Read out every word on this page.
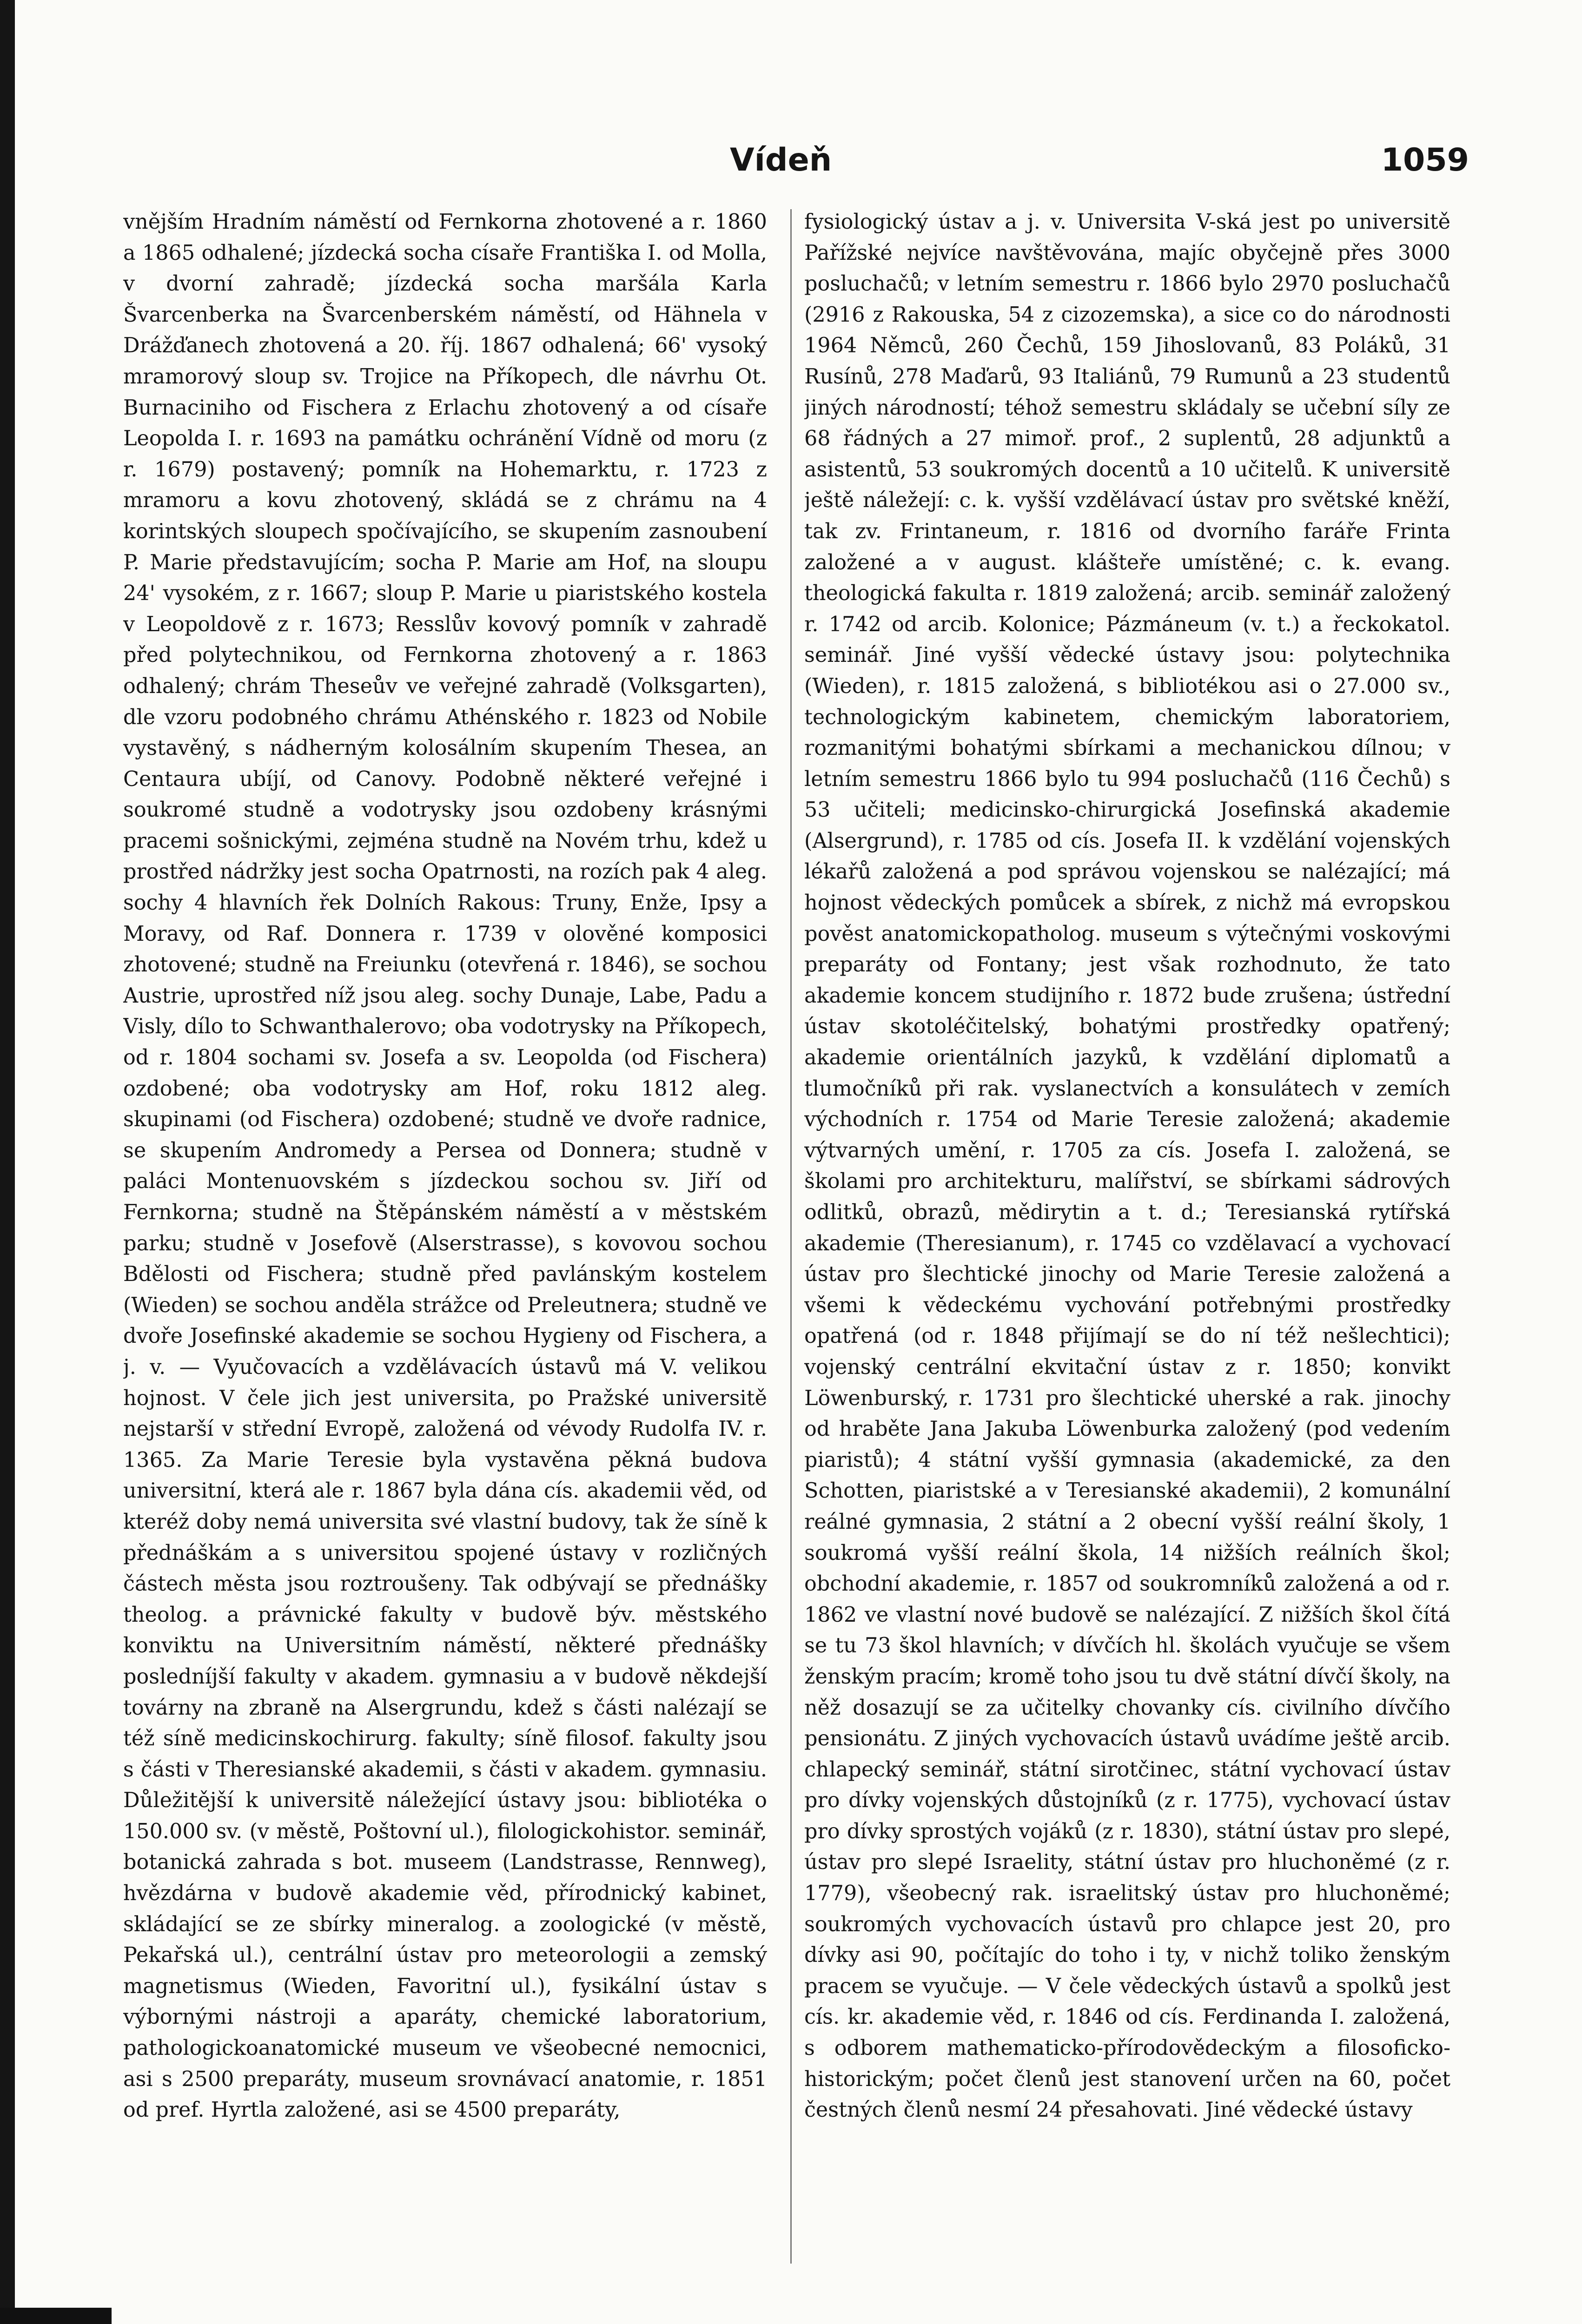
Vídeň	1059
vnějším Hradním náměstí od Fernkorna zhotovené a r. 1860 a 1865 odhalené; jízdecká socha císaře Františka I. od Molla, v dvorní zahradě; jízdecká socha maršála Karla Švarcenberka na Švarcenberském náměstí, od Hähnela v Drážďanech zhotovená a 20. říj. 1867 odhalená; 66' vysoký mramorový sloup sv. Trojice na Příkopech, dle návrhu Ot. Burnaciniho od Fischera z Erlachu zhotovený a od císaře Leopolda I. r. 1693 na památku ochránění Vídně od moru (z r. 1679) postavený; pomník na Hohemarktu, r. 1723 z mramoru a kovu zhotovený, skládá se z chrámu na 4 korintských sloupech spočívajícího, se skupením zasnoubení P. Marie představujícím; socha P. Marie am Hof, na sloupu 24' vysokém, z r. 1667; sloup P. Marie u piaristského kostela v Leopoldově z r. 1673; Resslův kovový pomník v zahradě před polytechnikou, od Fernkorna zhotovený a r. 1863 odhalený; chrám Theseův ve veřejné zahradě (Volksgarten), dle vzoru podobného chrámu Athénského r. 1823 od Nobile vystavěný, s nádherným kolosálním skupením Thesea, an Centaura ubíjí, od Canovy. Podobně některé veřejné i soukromé studně a vodotrysky jsou ozdobeny krásnými pracemi sošnickými, zejména studně na Novém trhu, kdež u prostřed nádržky jest socha Opatrnosti, na rozích pak 4 aleg. sochy 4 hlavních řek Dolních Rakous: Truny, Enže, Ipsy a Moravy, od Raf. Donnera r. 1739 v olověné komposici zhotovené; studně na Freiunku (otevřená r. 1846), se sochou Austrie, uprostřed níž jsou aleg. sochy Dunaje, Labe, Padu a Visly, dílo to Schwanthalerovo; oba vodotrysky na Příkopech, od r. 1804 sochami sv. Josefa a sv. Leopolda (od Fischera) ozdobené; oba vodotrysky am Hof, roku 1812 aleg. skupinami (od Fischera) ozdobené; studně ve dvoře radnice, se skupením Andromedy a Persea od Donnera; studně v paláci Montenuovském s jízdeckou sochou sv. Jiří od Fernkorna; studně na Štěpánském náměstí a v městském parku; studně v Josefově (Alserstrasse), s kovovou sochou Bdělosti od Fischera; studně před pavlánským kostelem (Wieden) se sochou anděla strážce od Preleutnera; studně ve dvoře Josefinské akademie se sochou Hygieny od Fischera, a j. v. — Vyučovacích a vzdělávacích ústavů má V. velikou hojnost. V čele jich jest universita, po Pražské universitě nejstarší v střední Evropě, založená od vévody Rudolfa IV. r. 1365. Za Marie Teresie byla vystavěna pěkná budova universitní, která ale r. 1867 byla dána cís. akademii věd, od kteréž doby nemá universita své vlastní budovy, tak že síně k přednáškám a s universitou spojené ústavy v rozličných částech města jsou roztroušeny. Tak odbývají se přednášky theolog. a právnické fakulty v budově býv. městského konviktu na Universitním náměstí, některé přednášky posledníjší fakulty v akadem. gymnasiu a v budově někdejší továrny na zbraně na Alsergrundu, kdež s části nalézají se též síně medicinskochirurg. fakulty; síně filosof. fakulty jsou s části v Theresianské akademii, s části v akadem. gymnasiu. Důležitější k universitě náležející ústavy jsou: bibliotéka o 150.000 sv. (v městě, Poštovní ul.), filologickohistor. seminář, botanická zahrada s bot. museem (Landstrasse, Rennweg), hvězdárna v budově akademie věd, přírodnický kabinet, skládající se ze sbírky mineralog. a zoologické (v městě, Pekařská ul.), centrální ústav pro meteorologii a zemský magnetismus (Wieden, Favoritní ul.), fysikální ústav s výbornými nástroji a aparáty, chemické laboratorium, pathologickoanatomické museum ve všeobecné nemocnici, asi s 2500 preparáty, museum srovnávací anatomie, r. 1851 od pref. Hyrtla založené, asi se 4500 preparáty,
fysiologický ústav a j. v. Universita V-ská jest po universitě Pařížské nejvíce navštěvována, majíc obyčejně přes 3000 posluchačů; v letním semestru r. 1866 bylo 2970 posluchačů (2916 z Rakouska, 54 z cizozemska), a sice co do národnosti 1964 Němců, 260 Čechů, 159 Jihoslovanů, 83 Poláků, 31 Rusínů, 278 Maďarů, 93 Italiánů, 79 Rumunů a 23 studentů jiných národností; téhož semestru skládaly se učební síly ze 68 řádných a 27 mimoř. prof., 2 suplentů, 28 adjunktů a asistentů, 53 soukromých docentů a 10 učitelů. K universitě ještě náležejí: c. k. vyšší vzdělávací ústav pro světské kněží, tak zv. Frintaneum, r. 1816 od dvorního faráře Frinta založené a v august. klášteře umístěné; c. k. evang. theologická fakulta r. 1819 založená; arcib. seminář založený r. 1742 od arcib. Kolonice; Pázmáneum (v. t.) a řeckokatol. seminář. Jiné vyšší vědecké ústavy jsou: polytechnika (Wieden), r. 1815 založená, s bibliotékou asi o 27.000 sv., technologickým kabinetem, chemickým laboratoriem, rozmanitými bohatými sbírkami a mechanickou dílnou; v letním semestru 1866 bylo tu 994 posluchačů (116 Čechů) s 53 učiteli; medicinsko-chirurgická Josefinská akademie (Alsergrund), r. 1785 od cís. Josefa II. k vzdělání vojenských lékařů založená a pod správou vojenskou se nalézající; má hojnost vědeckých pomůcek a sbírek, z nichž má evropskou pověst anatomickopatholog. museum s výtečnými voskovými preparáty od Fontany; jest však rozhodnuto, že tato akademie koncem studijního r. 1872 bude zrušena; ústřední ústav skotoléčitelský, bohatými prostředky opatřený; akademie orientálních jazyků, k vzdělání diplomatů a tlumočníků při rak. vyslanectvích a konsulátech v zemích východních r. 1754 od Marie Teresie založená; akademie výtvarných umění, r. 1705 za cís. Josefa I. založená, se školami pro architekturu, malířství, se sbírkami sádrových odlitků, obrazů, mědirytin a t. d.; Teresianská rytířská akademie (Theresianum), r. 1745 co vzdělavací a vychovací ústav pro šlechtické jinochy od Marie Teresie založená a všemi k vědeckému vychování potřebnými prostředky opatřená (od r. 1848 přijímají se do ní též nešlechtici); vojenský centrální ekvitační ústav z r. 1850; konvikt Löwenburský, r. 1731 pro šlechtické uherské a rak. jinochy od hraběte Jana Jakuba Löwenburka založený (pod vedením piaristů); 4 státní vyšší gymnasia (akademické, za den Schotten, piaristské a v Teresianské akademii), 2 komunální reálné gymnasia, 2 státní a 2 obecní vyšší reální školy, 1 soukromá vyšší reální škola, 14 nižších reálních škol; obchodní akademie, r. 1857 od soukromníků založená a od r. 1862 ve vlastní nové budově se nalézající. Z nižších škol čítá se tu 73 škol hlavních; v dívčích hl. školách vyučuje se všem ženským pracím; kromě toho jsou tu dvě státní dívčí školy, na něž dosazují se za učitelky chovanky cís. civilního dívčího pensionátu. Z jiných vychovacích ústavů uvádíme ještě arcib. chlapecký seminář, státní sirotčinec, státní vychovací ústav pro dívky vojenských důstojníků (z r. 1775), vychovací ústav pro dívky sprostých vojáků (z r. 1830), státní ústav pro slepé, ústav pro slepé Israelity, státní ústav pro hluchoněmé (z r. 1779), všeobecný rak. israelitský ústav pro hluchoněmé; soukromých vychovacích ústavů pro chlapce jest 20, pro dívky asi 90, počítajíc do toho i ty, v nichž toliko ženským pracem se vyučuje. — V čele vědeckých ústavů a spolků jest cís. kr. akademie věd, r. 1846 od cís. Ferdinanda I. založená, s odborem mathematicko-přírodovědeckým a filosoficko-historickým; počet členů jest stanovení určen na 60, počet čestných členů nesmí 24 přesahovati. Jiné vědecké ústavy
